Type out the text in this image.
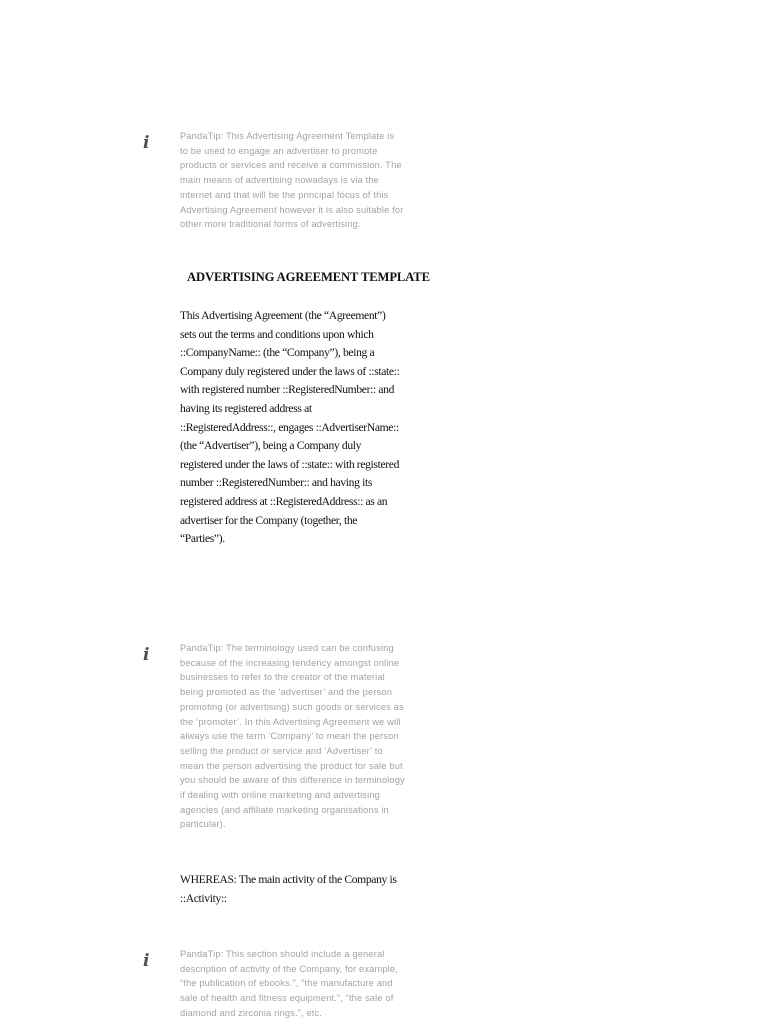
i	PandaTip: This Advertising Agreement Template is
to be used to engage an advertiser to promote
products or services and receive a commission. The
main means of advertising nowadays is via the
internet and that will be the principal focus of this
Advertising Agreement however it is also suitable for
other more traditional forms of advertising.

ADVERTISING AGREEMENT TEMPLATE

This Advertising Agreement (the “Agreement”)
sets out the terms and conditions upon which
::CompanyName:: (the “Company”), being a
Company duly registered under the laws of ::state::
with registered number ::RegisteredNumber:: and
having its registered address at
::RegisteredAddress::, engages ::AdvertiserName::
(the “Advertiser”), being a Company duly
registered under the laws of ::state:: with registered
number ::RegisteredNumber:: and having its
registered address at ::RegisteredAddress:: as an
advertiser for the Company (together, the
“Parties”).

i	PandaTip: The terminology used can be confusing
because of the increasing tendency amongst online
businesses to refer to the creator of the material
being promoted as the ‘advertiser’ and the person
promoting (or advertising) such goods or services as
the ‘promoter’. In this Advertising Agreement we will
always use the term ‘Company’ to mean the person
selling the product or service and ‘Advertiser’ to
mean the person advertising the product for sale but
you should be aware of this difference in terminology
if dealing with online marketing and advertising
agencies (and affiliate marketing organisations in
particular).

WHEREAS: The main activity of the Company is
::Activity::

i	PandaTip: This section should include a general
description of activity of the Company, for example,
“the publication of ebooks.”, “the manufacture and
sale of health and fitness equipment.”, “the sale of
diamond and zirconia rings.”, etc.
